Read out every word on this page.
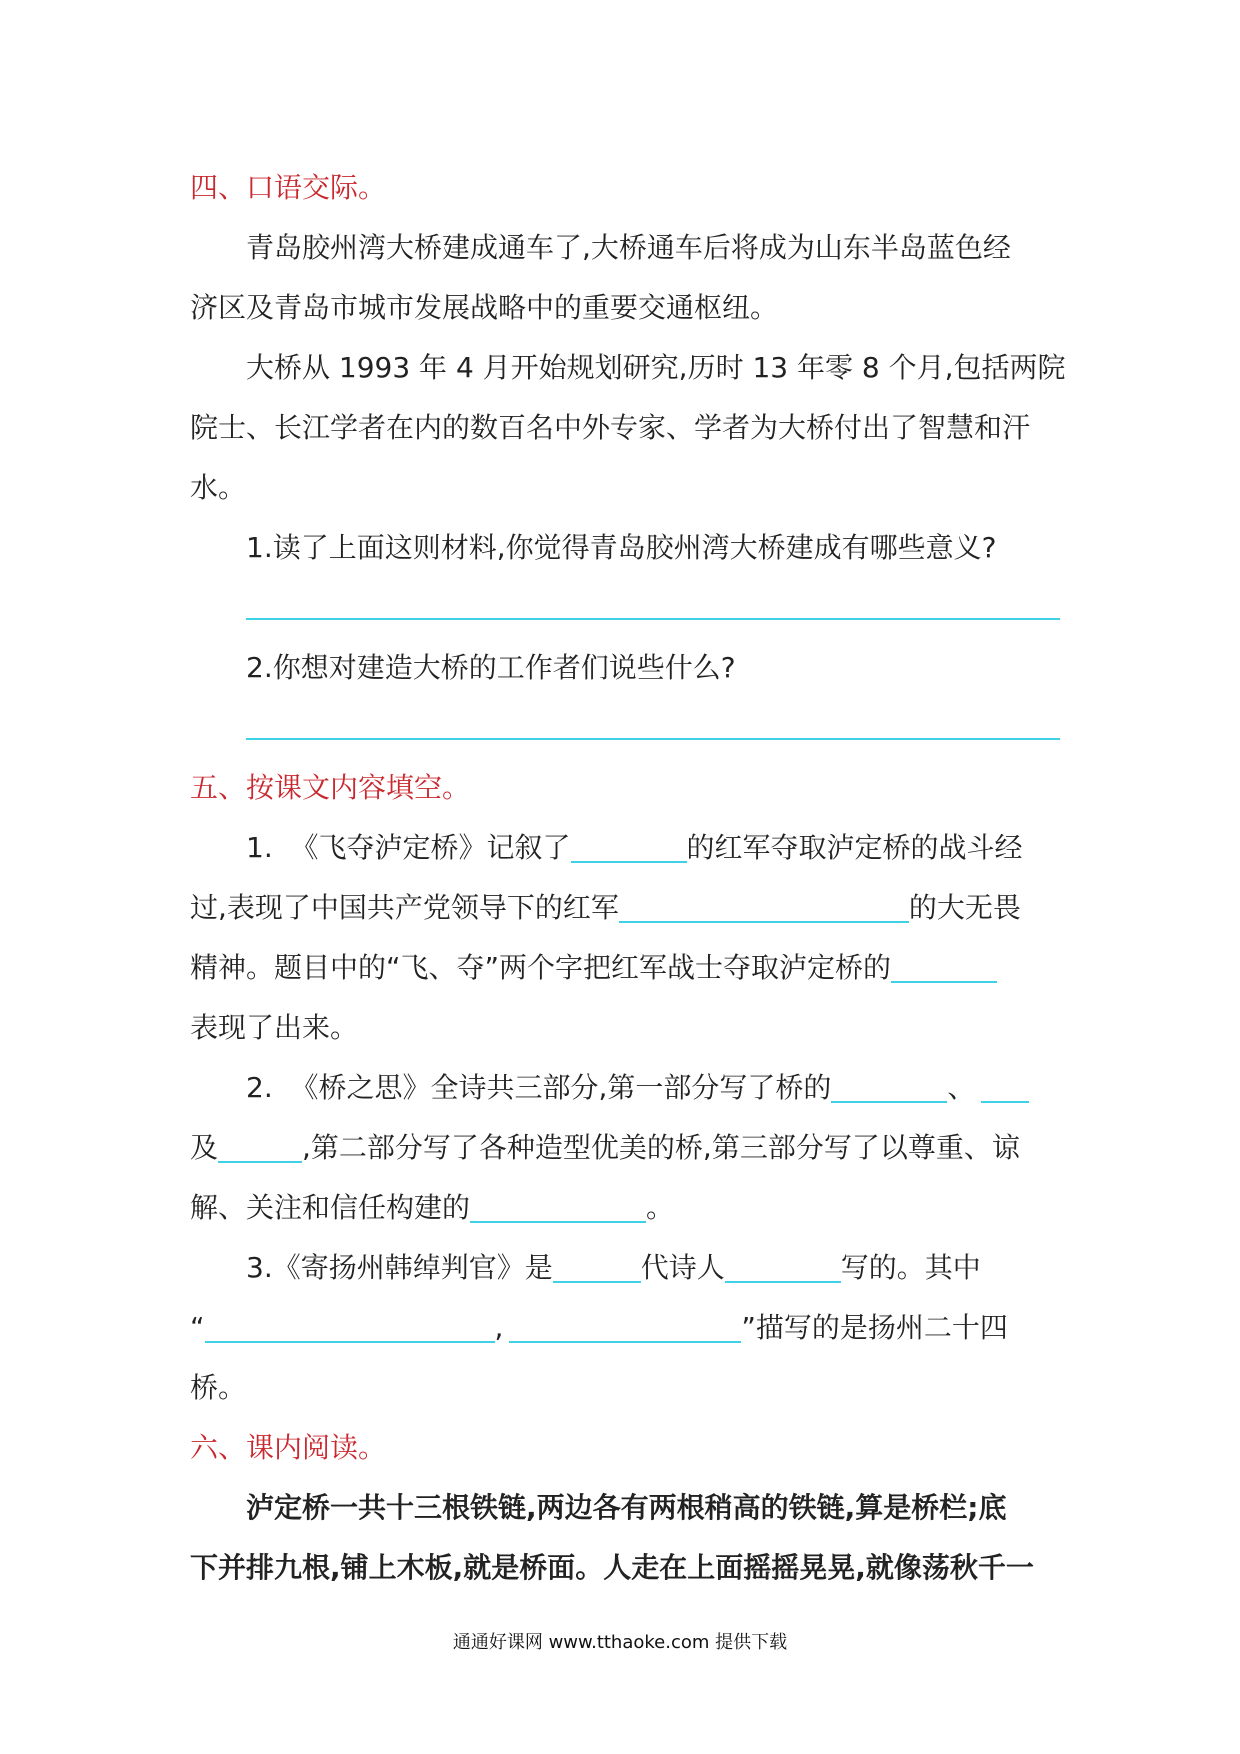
四、口语交际。
青岛胶州湾大桥建成通车了,大桥通车后将成为山东半岛蓝色经
济区及青岛市城市发展战略中的重要交通枢纽。
大桥从 1993 年 4 月开始规划研究,历时 13 年零 8 个月,包括两院
院士、长江学者在内的数百名中外专家、学者为大桥付出了智慧和汗
水。
1.读了上面这则材料,你觉得青岛胶州湾大桥建成有哪些意义?
2.你想对建造大桥的工作者们说些什么?
五、按课文内容填空。
1.  《飞夺泸定桥》记叙了	的红军夺取泸定桥的战斗经
过,表现了中国共产党领导下的红军	的大无畏
精神。题目中的“飞、夺”两个字把红军战士夺取泸定桥的
表现了出来。
2.  《桥之思》全诗共三部分,第一部分写了桥的	、
及	,第二部分写了各种造型优美的桥,第三部分写了以尊重、谅
解、关注和信任构建的	。
3.《寄扬州韩绰判官》是	代诗人	写的。其中
“	,	”描写的是扬州二十四
桥。
六、课内阅读。
泸定桥一共十三根铁链,两边各有两根稍高的铁链,算是桥栏;底
下并排九根,铺上木板,就是桥面。人走在上面摇摇晃晃,就像荡秋千一
通通好课网 www.tthaoke.com 提供下载
